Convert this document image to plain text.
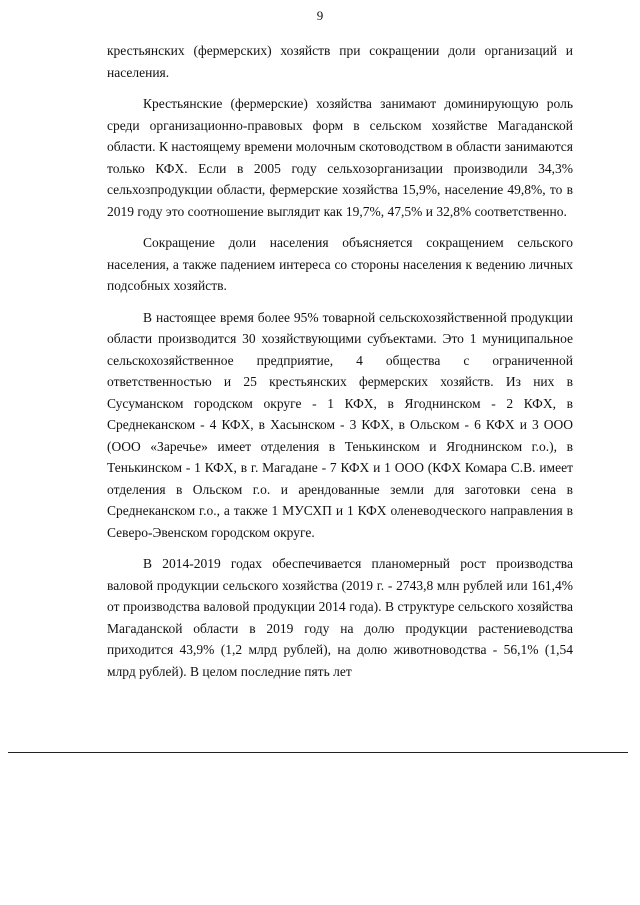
9

крестьянских (фермерских) хозяйств при сокращении доли организаций и населения.

Крестьянские (фермерские) хозяйства занимают доминирующую роль среди организационно-правовых форм в сельском хозяйстве Магаданской области. К настоящему времени молочным скотоводством в области занимаются только КФХ. Если в 2005 году сельхозорганизации производили 34,3% сельхозпродукции области, фермерские хозяйства 15,9%, население 49,8%, то в 2019 году это соотношение выглядит как 19,7%, 47,5% и 32,8% соответственно.

Сокращение доли населения объясняется сокращением сельского населения, а также падением интереса со стороны населения к ведению личных подсобных хозяйств.

В настоящее время более 95% товарной сельскохозяйственной продукции области производится 30 хозяйствующими субъектами. Это 1 муниципальное сельскохозяйственное предприятие, 4 общества с ограниченной ответственностью и 25 крестьянских фермерских хозяйств. Из них в Сусуманском городском округе - 1 КФХ, в Ягоднинском - 2 КФХ, в Среднеканском - 4 КФХ, в Хасынском - 3 КФХ, в Ольском - 6 КФХ и 3 ООО (ООО «Заречье» имеет отделения в Тенькинском и Ягоднинском г.о.), в Тенькинском - 1 КФХ, в г. Магадане - 7 КФХ и 1 ООО (КФХ Комара С.В. имеет отделения в Ольском г.о. и арендованные земли для заготовки сена в Среднеканском г.о., а также 1 МУСХП и 1 КФХ оленеводческого направления в Северо-Эвенском городском округе.

В 2014-2019 годах обеспечивается планомерный рост производства валовой продукции сельского хозяйства (2019 г. - 2743,8 млн рублей или 161,4% от производства валовой продукции 2014 года). В структуре сельского хозяйства Магаданской области в 2019 году на долю продукции растениеводства приходится 43,9% (1,2 млрд рублей), на долю животноводства - 56,1% (1,54 млрд рублей). В целом последние пять лет
